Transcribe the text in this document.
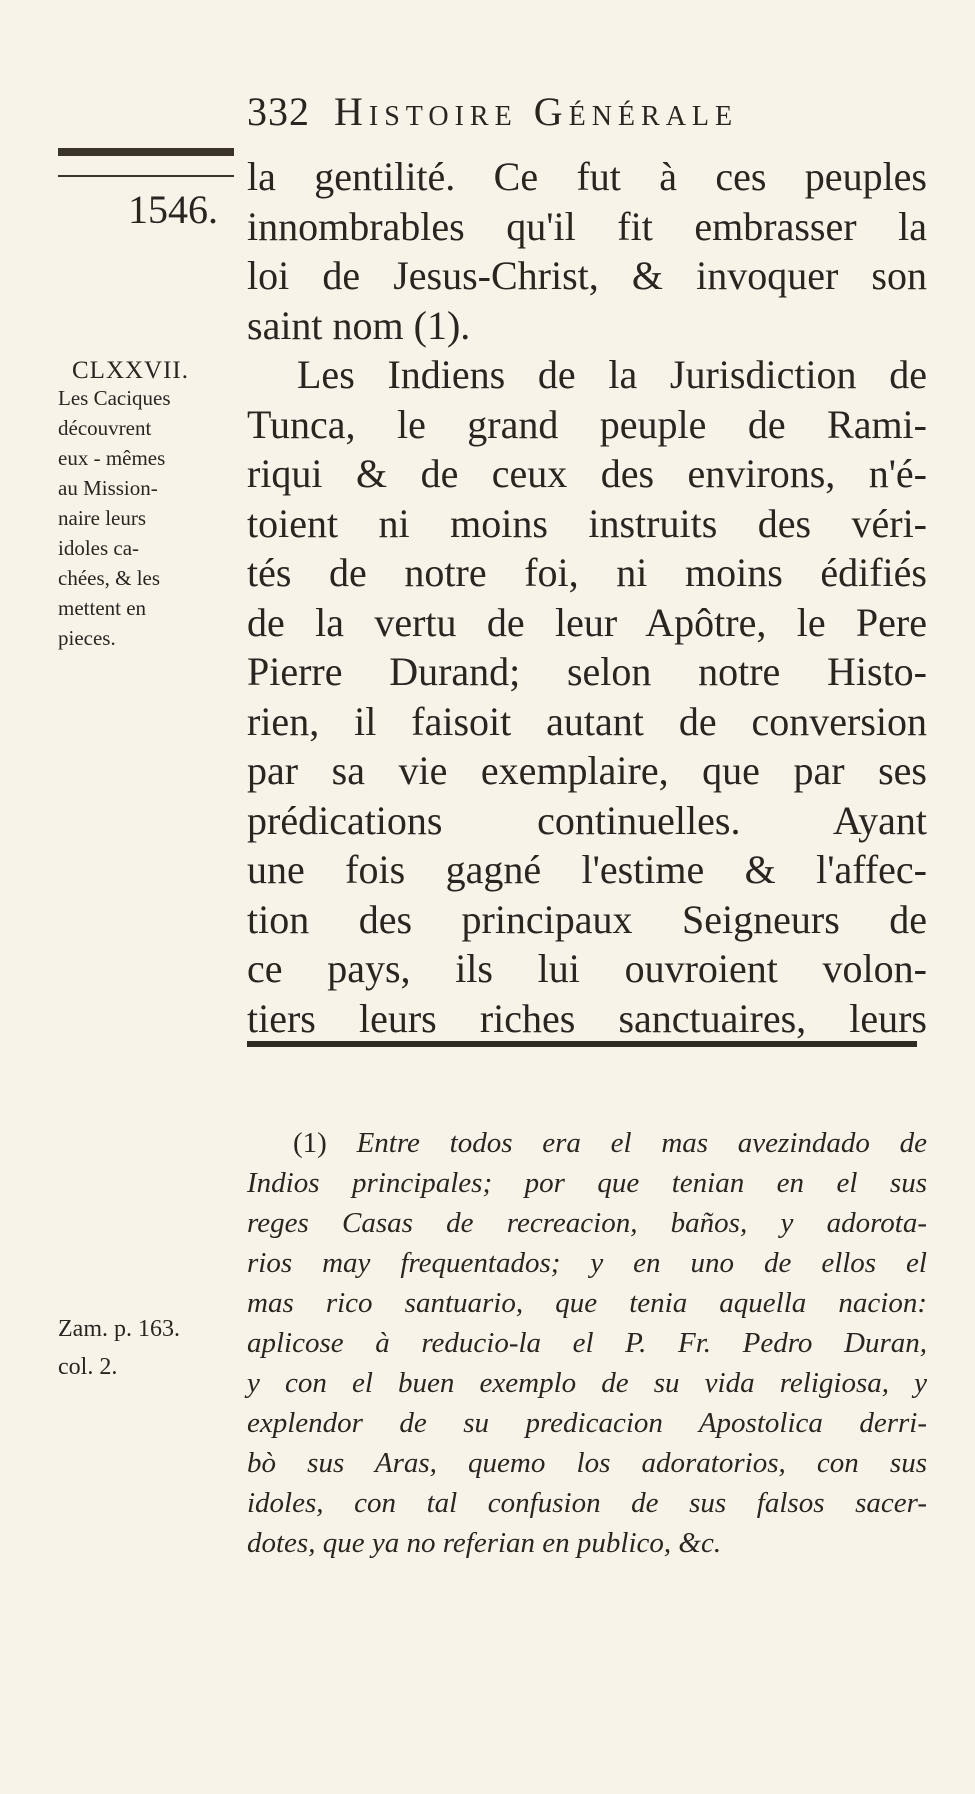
332 Histoire Générale
1546.
CLXXVII.
Les Caciques
découvrent
eux - mêmes
au Mission-
naire leurs
idoles ca-
chées, & les
mettent en
pieces.
la gentilité. Ce fut à ces peuples
innombrables qu'il fit embrasser la
loi de Jesus-Christ, & invoquer son
saint nom (1).
Les Indiens de la Jurisdiction de
Tunca, le grand peuple de Rami-
riqui & de ceux des environs, n'é-
toient ni moins instruits des véri-
tés de notre foi, ni moins édifiés
de la vertu de leur Apôtre, le Pere
Pierre Durand; selon notre Histo-
rien, il faisoit autant de conversion
par sa vie exemplaire, que par ses
prédications continuelles. Ayant
une fois gagné l'estime & l'affec-
tion des principaux Seigneurs de
ce pays, ils lui ouvroient volon-
tiers leurs riches sanctuaires, leurs
(1) Entre todos era el mas avezindado de
Indios principales; por que tenian en el sus
reges Casas de recreacion, baños, y adorota-
rios may frequentados; y en uno de ellos el
mas rico santuario, que tenia aquella nacion:
aplicose à reducio-la el P. Fr. Pedro Duran,
y con el buen exemplo de su vida religiosa, y
explendor de su predicacion Apostolica derri-
bò sus Aras, quemo los adoratorios, con sus
idoles, con tal confusion de sus falsos sacer-
dotes, que ya no referian en publico, &c.
Zam. p. 163.
col. 2.
